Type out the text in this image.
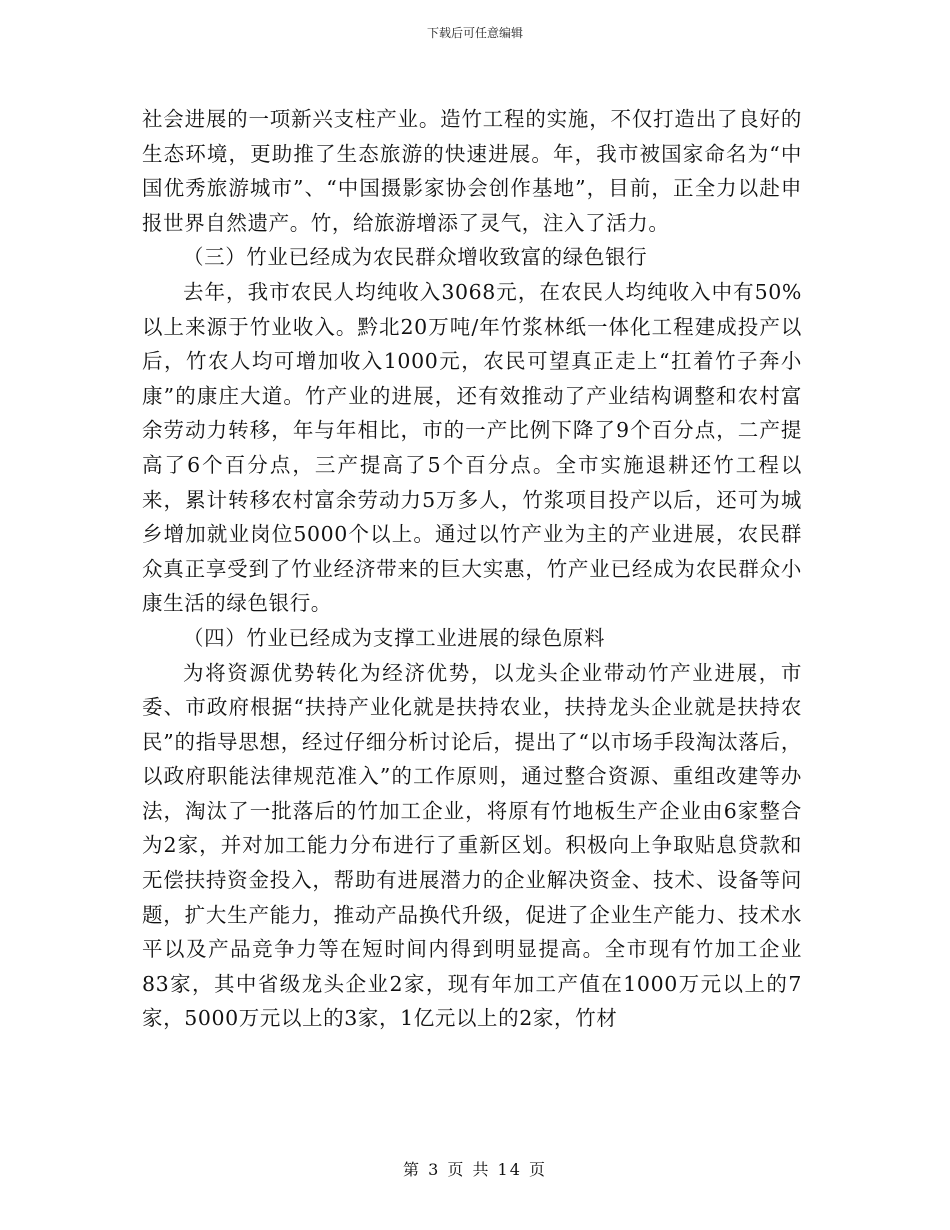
下载后可任意编辑

社会进展的一项新兴支柱产业。造竹工程的实施，不仅打造出了良好的生态环境，更助推了生态旅游的快速进展。年，我市被国家命名为“中国优秀旅游城市”、“中国摄影家协会创作基地”，目前，正全力以赴申报世界自然遗产。竹，给旅游增添了灵气，注入了活力。

（三）竹业已经成为农民群众增收致富的绿色银行

去年，我市农民人均纯收入3068元，在农民人均纯收入中有50%以上来源于竹业收入。黔北20万吨/年竹浆林纸一体化工程建成投产以后，竹农人均可增加收入1000元，农民可望真正走上“扛着竹子奔小康”的康庄大道。竹产业的进展，还有效推动了产业结构调整和农村富余劳动力转移，年与年相比，市的一产比例下降了9个百分点，二产提高了6个百分点，三产提高了5个百分点。全市实施退耕还竹工程以来，累计转移农村富余劳动力5万多人，竹浆项目投产以后，还可为城乡增加就业岗位5000个以上。通过以竹产业为主的产业进展，农民群众真正享受到了竹业经济带来的巨大实惠，竹产业已经成为农民群众小康生活的绿色银行。

（四）竹业已经成为支撑工业进展的绿色原料

为将资源优势转化为经济优势，以龙头企业带动竹产业进展，市委、市政府根据“扶持产业化就是扶持农业，扶持龙头企业就是扶持农民”的指导思想，经过仔细分析讨论后，提出了“以市场手段淘汰落后，以政府职能法律规范准入”的工作原则，通过整合资源、重组改建等办法，淘汰了一批落后的竹加工企业，将原有竹地板生产企业由6家整合为2家，并对加工能力分布进行了重新区划。积极向上争取贴息贷款和无偿扶持资金投入，帮助有进展潜力的企业解决资金、技术、设备等问题，扩大生产能力，推动产品换代升级，促进了企业生产能力、技术水平以及产品竞争力等在短时间内得到明显提高。全市现有竹加工企业83家，其中省级龙头企业2家，现有年加工产值在1000万元以上的7家，5000万元以上的3家，1亿元以上的2家，竹材

第 3 页 共 14 页
